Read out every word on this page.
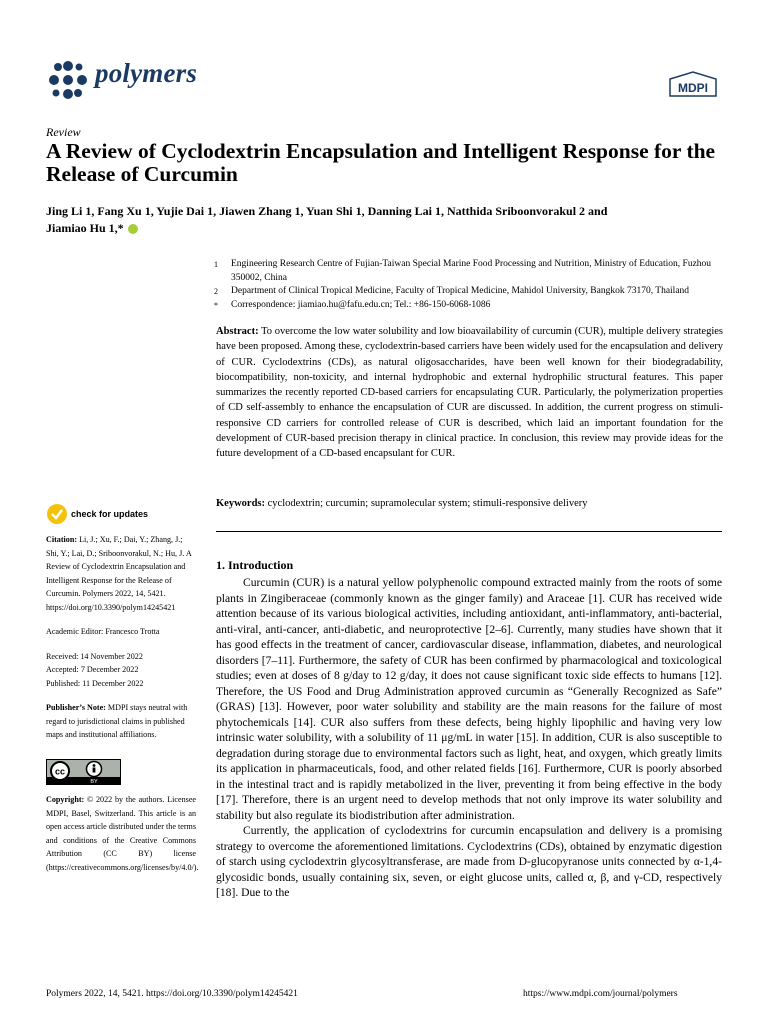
polymers	MDPI
Review
A Review of Cyclodextrin Encapsulation and Intelligent Response for the Release of Curcumin
Jing Li 1, Fang Xu 1, Yujie Dai 1, Jiawen Zhang 1, Yuan Shi 1, Danning Lai 1, Natthida Sriboonvorakul 2 and
Jiamiao Hu 1,*
1	Engineering Research Centre of Fujian-Taiwan Special Marine Food Processing and Nutrition, Ministry of Education, Fuzhou 350002, China
2	Department of Clinical Tropical Medicine, Faculty of Tropical Medicine, Mahidol University, Bangkok 73170, Thailand
*	Correspondence: jiamiao.hu@fafu.edu.cn; Tel.: +86-150-6068-1086
Abstract: To overcome the low water solubility and low bioavailability of curcumin (CUR), multiple delivery strategies have been proposed. Among these, cyclodextrin-based carriers have been widely used for the encapsulation and delivery of CUR. Cyclodextrins (CDs), as natural oligosaccharides, have been well known for their biodegradability, biocompatibility, non-toxicity, and internal hydrophobic and external hydrophilic structural features. This paper summarizes the recently reported CD-based carriers for encapsulating CUR. Particularly, the polymerization properties of CD self-assembly to enhance the encapsulation of CUR are discussed. In addition, the current progress on stimuli-responsive CD carriers for controlled release of CUR is described, which laid an important foundation for the development of CUR-based precision therapy in clinical practice. In conclusion, this review may provide ideas for the future development of a CD-based encapsulant for CUR.
Keywords: cyclodextrin; curcumin; supramolecular system; stimuli-responsive delivery
1. Introduction

Curcumin (CUR) is a natural yellow polyphenolic compound extracted mainly from the roots of some plants in Zingiberaceae (commonly known as the ginger family) and Araceae [1]. CUR has received wide attention because of its various biological activities, including antioxidant, anti-inflammatory, anti-bacterial, anti-viral, anti-cancer, anti-diabetic, and neuroprotective [2–6]. Currently, many studies have shown that it has good effects in the treatment of cancer, cardiovascular disease, inflammation, diabetes, and neurological disorders [7–11]. Furthermore, the safety of CUR has been confirmed by pharmacological and toxicological studies; even at doses of 8 g/day to 12 g/day, it does not cause significant toxic side effects to humans [12]. Therefore, the US Food and Drug Administration approved curcumin as “Generally Recognized as Safe” (GRAS) [13]. However, poor water solubility and stability are the main reasons for the failure of most phytochemicals [14]. CUR also suffers from these defects, being highly lipophilic and having very low intrinsic water solubility, with a solubility of 11 μg/mL in water [15]. In addition, CUR is also susceptible to degradation during storage due to environmental factors such as light, heat, and oxygen, which greatly limits its application in pharmaceuticals, food, and other related fields [16]. Furthermore, CUR is poorly absorbed in the intestinal tract and is rapidly metabolized in the liver, preventing it from being effective in the body [17]. Therefore, there is an urgent need to develop methods that not only improve its water solubility and stability but also regulate its biodistribution after administration.

Currently, the application of cyclodextrins for curcumin encapsulation and delivery is a promising strategy to overcome the aforementioned limitations. Cyclodextrins (CDs), obtained by enzymatic digestion of starch using cyclodextrin glycosyltransferase, are made from D-glucopyranose units connected by α-1,4-glycosidic bonds, usually containing six, seven, or eight glucose units, called α, β, and γ-CD, respectively [18]. Due to the

check for updates
Citation: Li, J.; Xu, F.; Dai, Y.; Zhang, J.; Shi, Y.; Lai, D.; Sriboonvorakul, N.; Hu, J. A Review of Cyclodextrin Encapsulation and Intelligent Response for the Release of Curcumin. Polymers 2022, 14, 5421. https://doi.org/10.3390/polym14245421
Academic Editor: Francesco Trotta
Received: 14 November 2022
Accepted: 7 December 2022
Published: 11 December 2022
Publisher’s Note: MDPI stays neutral with regard to jurisdictional claims in published maps and institutional affiliations.
cc
BY
Copyright: © 2022 by the authors. Licensee MDPI, Basel, Switzerland. This article is an open access article distributed under the terms and conditions of the Creative Commons Attribution (CC BY) license (https://creativecommons.org/licenses/by/4.0/).
Polymers 2022, 14, 5421. https://doi.org/10.3390/polym14245421	https://www.mdpi.com/journal/polymers
